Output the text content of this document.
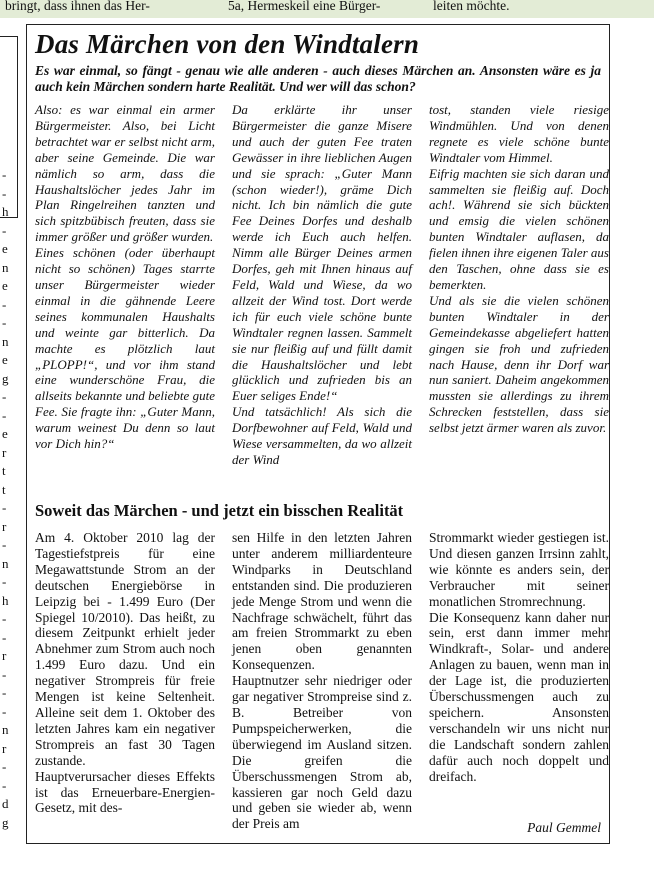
bringt, dass ihnen das Her-	5a, Hermeskeil eine Bürger-	leiten möchte.
-
-
h
-
e
n
e
-
-
n
e
g
-
-
e
r
t
t
-
r
-
n
-
h
-
-
r
-
-
-
n
r
-
-
d
g
Das Märchen von den Windtalern

Es war einmal, so fängt - genau wie alle anderen - auch dieses Märchen an. Ansonsten wäre es ja auch kein Märchen sondern harte Realität. Und wer will das schon?

Also: es war einmal ein armer Bürgermeister. Also, bei Licht betrachtet war er selbst nicht arm, aber seine Gemeinde. Die war nämlich so arm, dass die Haushaltslöcher jedes Jahr im Plan Ringelreihen tanzten und sich spitzbübisch freuten, dass sie immer größer und größer wurden.

Eines schönen (oder überhaupt nicht so schönen) Tages starrte unser Bürgermeister wieder einmal in die gähnende Leere seines kommunalen Haushalts und weinte gar bitterlich. Da machte es plötzlich laut „PLOPP!“, und vor ihm stand eine wunderschöne Frau, die allseits bekannte und beliebte gute Fee. Sie fragte ihn: „Guter Mann, warum weinest Du denn so laut vor Dich hin?“

Da erklärte ihr unser Bürgermeister die ganze Misere und auch der guten Fee traten Gewässer in ihre lieblichen Augen und sie sprach: „Guter Mann (schon wieder!), gräme Dich nicht. Ich bin nämlich die gute Fee Deines Dorfes und deshalb werde ich Euch auch helfen. Nimm alle Bürger Deines armen Dorfes, geh mit Ihnen hinaus auf Feld, Wald und Wiese, da wo allzeit der Wind tost. Dort werde ich für euch viele schöne bunte Windtaler regnen lassen. Sammelt sie nur fleißig auf und füllt damit die Haushaltslöcher und lebt glücklich und zufrieden bis an Euer seliges Ende!“

Und tatsächlich! Als sich die Dorfbewohner auf Feld, Wald und Wiese versammelten, da wo allzeit der Wind

tost, standen viele riesige Windmühlen. Und von denen regnete es viele schöne bunte Windtaler vom Himmel.

Eifrig machten sie sich daran und sammelten sie fleißig auf. Doch ach!. Während sie sich bückten und emsig die vielen schönen bunten Windtaler auflasen, da fielen ihnen ihre eigenen Taler aus den Taschen, ohne dass sie es bemerkten.

Und als sie die vielen schönen bunten Windtaler in der Gemeindekasse abgeliefert hatten gingen sie froh und zufrieden nach Hause, denn ihr Dorf war nun saniert. Daheim angekommen mussten sie allerdings zu ihrem Schrecken feststellen, dass sie selbst jetzt ärmer waren als zuvor.

Soweit das Märchen - und jetzt ein bisschen Realität

Am 4. Oktober 2010 lag der Tagestiefstpreis für eine Megawattstunde Strom an der deutschen Energiebörse in Leipzig bei - 1.499 Euro (Der Spiegel 10/2010). Das heißt, zu diesem Zeitpunkt erhielt jeder Abnehmer zum Strom auch noch 1.499 Euro dazu. Und ein negativer Strompreis für freie Mengen ist keine Seltenheit. Alleine seit dem 1. Oktober des letzten Jahres kam ein negativer Strompreis an fast 30 Tagen zustande.

Hauptverursacher dieses Effekts ist das Erneuerbare-Energien-Gesetz, mit des-

sen Hilfe in den letzten Jahren unter anderem milliardenteure Windparks in Deutschland entstanden sind. Die produzieren jede Menge Strom und wenn die Nachfrage schwächelt, führt das am freien Strommarkt zu eben jenen oben genannten Konsequenzen.

Hauptnutzer sehr niedriger oder gar negativer Strompreise sind z. B. Betreiber von Pumpspeicherwerken, die überwiegend im Ausland sitzen. Die greifen die Überschussmengen Strom ab, kassieren gar noch Geld dazu und geben sie wieder ab, wenn der Preis am

Strommarkt wieder gestiegen ist. Und diesen ganzen Irrsinn zahlt, wie könnte es anders sein, der Verbraucher mit seiner monatlichen Stromrechnung.

Die Konsequenz kann daher nur sein, erst dann immer mehr Windkraft-, Solar- und andere Anlagen zu bauen, wenn man in der Lage ist, die produzierten Überschussmengen auch zu speichern. Ansonsten verschandeln wir uns nicht nur die Landschaft sondern zahlen dafür auch noch doppelt und dreifach.

Paul Gemmel
